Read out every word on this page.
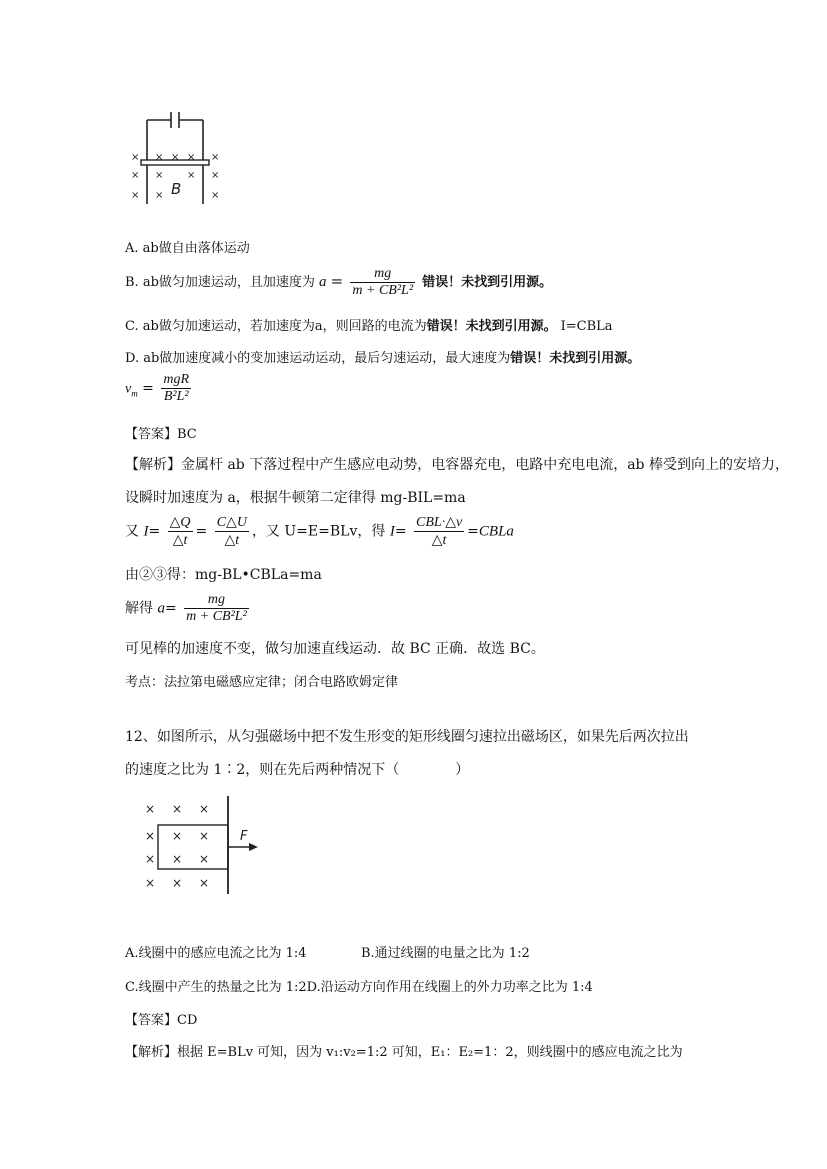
×
×
×
× × ×
× ×
×
×
×
×
B
A. ab做自由落体运动
B. ab做匀加速运动，且加速度为 $a = \frac{mg}{\text{m + CB²L²}}$ 错误！未找到引用源。
C. ab做匀加速运动，若加速度为a，则回路的电流为错误！未找到引用源。 I=CBLa
D. ab做加速度减小的变加速运动运动，最后匀速运动，最大速度为错误！未找到引用源。
$v_m = \frac{\text{mgR}}{\text{B²L²}}$
【答案】BC
【解析】金属杆 ab 下落过程中产生感应电动势，电容器充电，电路中充电电流，ab 棒受到向上的安培力，
设瞬时加速度为 a，根据牛顿第二定律得 mg-BIL=ma
又 $I= \frac{\triangle Q}{\triangle t} = \frac{C\triangle U}{\triangle t}$ ，又 U=E=BLv，得 $I= \frac{\text{CBL·△v}}{\triangle t}$ =CBLa
由②③得：mg-BL•CBLa=ma
解得 $a= \frac{mg}{\text{m + CB²L²}}$
可见棒的加速度不变，做匀加速直线运动．故 BC 正确．故选 BC。
考点：法拉第电磁感应定律；闭合电路欧姆定律
12、如图所示，从匀强磁场中把不发生形变的矩形线圈匀速拉出磁场区，如果先后两次拉出
的速度之比为 1∶2，则在先后两种情况下（　　　　）
× × ×
× × ×
× × ×
× × ×
F
A.线圈中的感应电流之比为 1:4	B.通过线圈的电量之比为 1:2
C.线圈中产生的热量之比为 1:2D.沿运动方向作用在线圈上的外力功率之比为 1:4
【答案】CD
【解析】根据 E=BLv 可知，因为 v₁:v₂=1:2 可知，E₁：E₂=1：2，则线圈中的感应电流之比为
